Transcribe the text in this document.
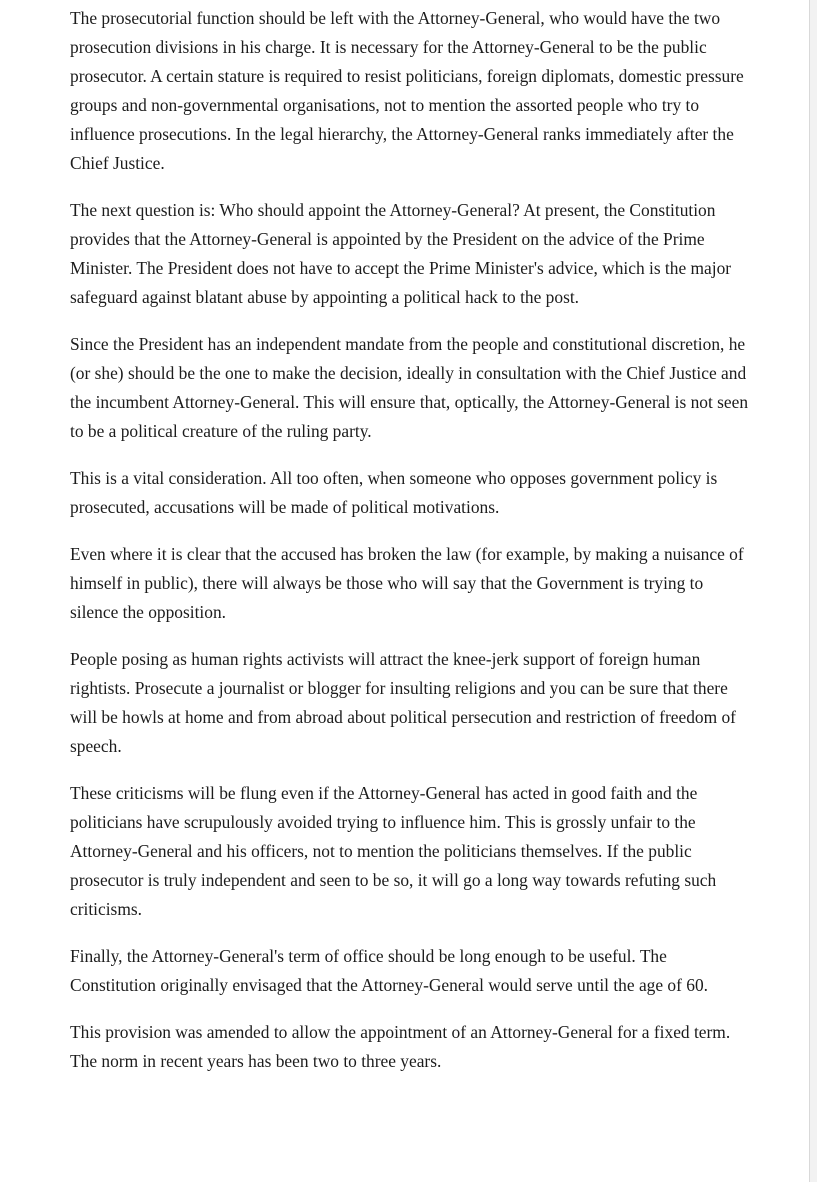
The prosecutorial function should be left with the Attorney-General, who would have the two prosecution divisions in his charge. It is necessary for the Attorney-General to be the public prosecutor. A certain stature is required to resist politicians, foreign diplomats, domestic pressure groups and non-governmental organisations, not to mention the assorted people who try to influence prosecutions. In the legal hierarchy, the Attorney-General ranks immediately after the Chief Justice.

The next question is: Who should appoint the Attorney-General? At present, the Constitution provides that the Attorney-General is appointed by the President on the advice of the Prime Minister. The President does not have to accept the Prime Minister's advice, which is the major safeguard against blatant abuse by appointing a political hack to the post.

Since the President has an independent mandate from the people and constitutional discretion, he (or she) should be the one to make the decision, ideally in consultation with the Chief Justice and the incumbent Attorney-General. This will ensure that, optically, the Attorney-General is not seen to be a political creature of the ruling party.

This is a vital consideration. All too often, when someone who opposes government policy is prosecuted, accusations will be made of political motivations.

Even where it is clear that the accused has broken the law (for example, by making a nuisance of himself in public), there will always be those who will say that the Government is trying to silence the opposition.

People posing as human rights activists will attract the knee-jerk support of foreign human rightists. Prosecute a journalist or blogger for insulting religions and you can be sure that there will be howls at home and from abroad about political persecution and restriction of freedom of speech.

These criticisms will be flung even if the Attorney-General has acted in good faith and the politicians have scrupulously avoided trying to influence him. This is grossly unfair to the Attorney-General and his officers, not to mention the politicians themselves. If the public prosecutor is truly independent and seen to be so, it will go a long way towards refuting such criticisms.

Finally, the Attorney-General's term of office should be long enough to be useful. The Constitution originally envisaged that the Attorney-General would serve until the age of 60.

This provision was amended to allow the appointment of an Attorney-General for a fixed term. The norm in recent years has been two to three years.
